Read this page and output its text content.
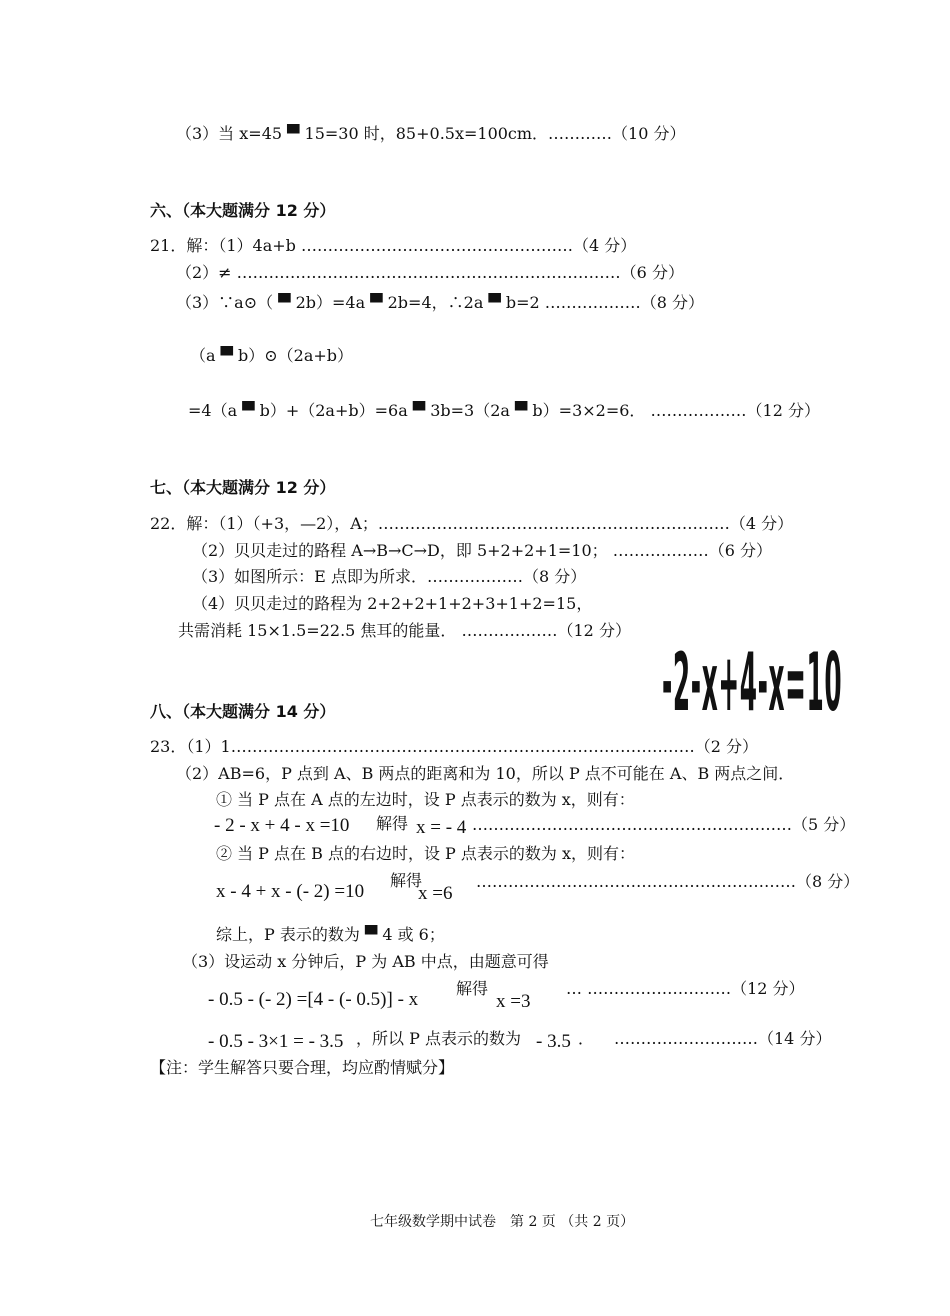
（3）当 x=45 ▀ 15=30 时，85+0.5x=100cm．…………（10 分）
六、（本大题满分 12 分）
21．解：（1）4a+b ……………………………………………（4 分）
（2）≠ ………………………………………………………………（6 分）
（3）∵a⊙（ ▀ 2b）=4a ▀ 2b=4，∴2a ▀ b=2 ………………（8 分）
（a ▀ b）⊙（2a+b）
=4（a ▀ b）+（2a+b）=6a ▀ 3b=3（2a ▀ b）=3×2=6． ………………（12 分）
七、（本大题满分 12 分）
22．解：（1）（+3，—2），A；…………………………………………………………（4 分）
（2）贝贝走过的路程 A→B→C→D，即 5+2+2+1=10； ………………（6 分）
（3）如图所示：E 点即为所求．………………（8 分）
（4）贝贝走过的路程为 2+2+2+1+2+3+1+2=15，
共需消耗 15×1.5=22.5 焦耳的能量． ………………（12 分）
-2-x+4-x=10
八、（本大题满分 14 分）
23．（1）1……………………………………………………………………………（2 分）
（2）AB=6，P 点到 A、B 两点的距离和为 10，所以 P 点不可能在 A、B 两点之间．
① 当 P 点在 A 点的左边时，设 P 点表示的数为 x，则有：
- 2 - x + 4 - x =10 解得 x = - 4 ……………………………………………………（5 分）
② 当 P 点在 B 点的右边时，设 P 点表示的数为 x，则有：
x - 4 + x - (- 2) =10
解得
x =6
……………………………………………………（8 分）
综上，P 表示的数为 ▀ 4 或 6；
（3）设运动 x 分钟后，P 为 AB 中点，由题意可得
- 0.5 - (- 2) =[4 - (- 0.5)] - x
解得
x =3
… ………………………（12 分）
- 0.5 - 3×1 = - 3.5 ，所以 P 点表示的数为 - 3.5 ． ………………………（14 分）
【注：学生解答只要合理，均应酌情赋分】
七年级数学期中试卷　第 2 页 （共 2 页）
